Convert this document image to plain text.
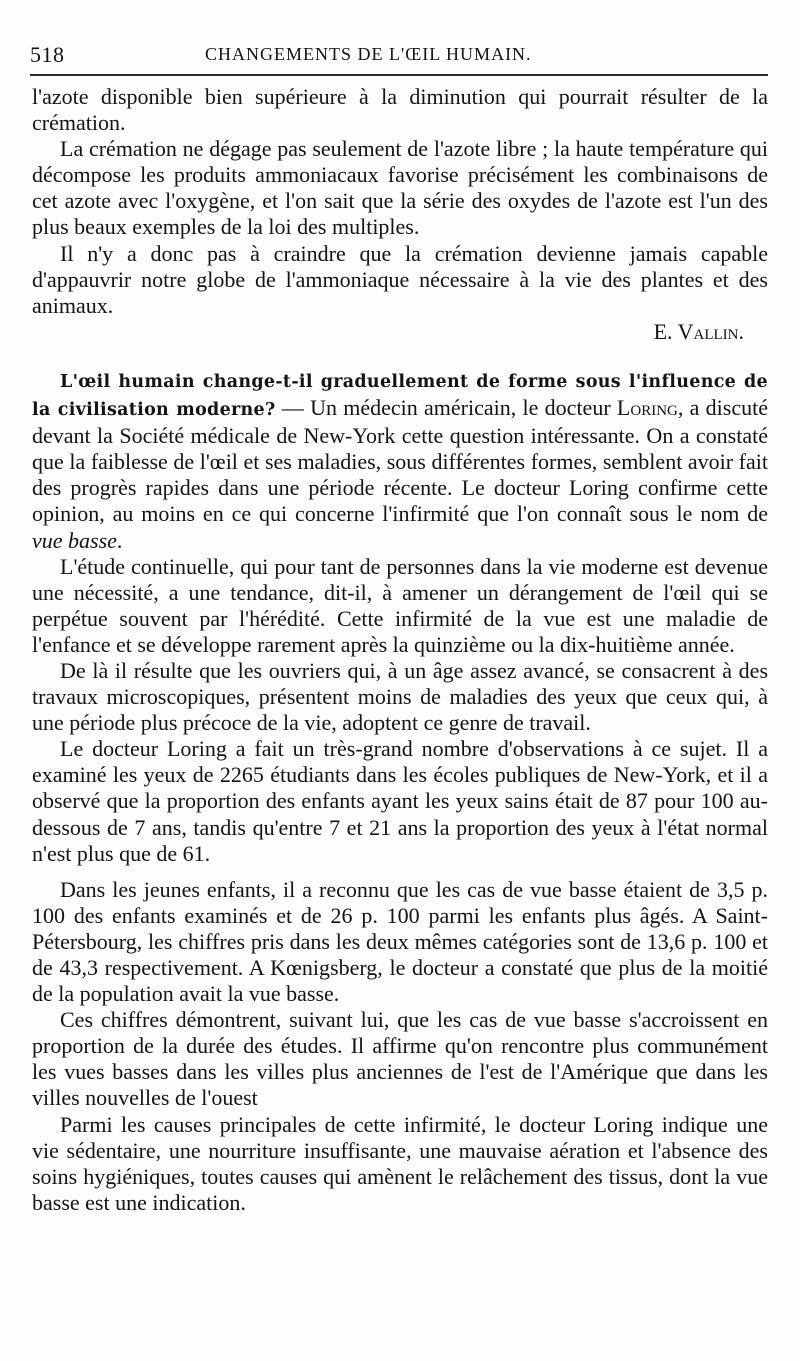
518	CHANGEMENTS DE L'ŒIL HUMAIN.

l'azote disponible bien supérieure à la diminution qui pourrait résulter de la crémation.

La crémation ne dégage pas seulement de l'azote libre ; la haute température qui décompose les produits ammoniacaux favorise précisément les combinaisons de cet azote avec l'oxygène, et l'on sait que la série des oxydes de l'azote est l'un des plus beaux exemples de la loi des multiples.

Il n'y a donc pas à craindre que la crémation devienne jamais capable d'appauvrir notre globe de l'ammoniaque nécessaire à la vie des plantes et des animaux.

E. Vallin.

L'œil humain change-t-il graduellement de forme sous l'influence de la civilisation moderne? — Un médecin américain, le docteur Loring, a discuté devant la Société médicale de New-York cette question intéressante. On a constaté que la faiblesse de l'œil et ses maladies, sous différentes formes, semblent avoir fait des progrès rapides dans une période récente. Le docteur Loring confirme cette opinion, au moins en ce qui concerne l'infirmité que l'on connaît sous le nom de vue basse.

L'étude continuelle, qui pour tant de personnes dans la vie moderne est devenue une nécessité, a une tendance, dit-il, à amener un dérangement de l'œil qui se perpétue souvent par l'hérédité. Cette infirmité de la vue est une maladie de l'enfance et se développe rarement après la quinzième ou la dix-huitième année.

De là il résulte que les ouvriers qui, à un âge assez avancé, se consacrent à des travaux microscopiques, présentent moins de maladies des yeux que ceux qui, à une période plus précoce de la vie, adoptent ce genre de travail.

Le docteur Loring a fait un très-grand nombre d'observations à ce sujet. Il a examiné les yeux de 2265 étudiants dans les écoles publiques de New-York, et il a observé que la proportion des enfants ayant les yeux sains était de 87 pour 100 au-dessous de 7 ans, tandis qu'entre 7 et 21 ans la proportion des yeux à l'état normal n'est plus que de 61.

Dans les jeunes enfants, il a reconnu que les cas de vue basse étaient de 3,5 p. 100 des enfants examinés et de 26 p. 100 parmi les enfants plus âgés. A Saint-Pétersbourg, les chiffres pris dans les deux mêmes catégories sont de 13,6 p. 100 et de 43,3 respectivement. A Kœnigsberg, le docteur a constaté que plus de la moitié de la population avait la vue basse.

Ces chiffres démontrent, suivant lui, que les cas de vue basse s'accroissent en proportion de la durée des études. Il affirme qu'on rencontre plus communément les vues basses dans les villes plus anciennes de l'est de l'Amérique que dans les villes nouvelles de l'ouest

Parmi les causes principales de cette infirmité, le docteur Loring indique une vie sédentaire, une nourriture insuffisante, une mauvaise aération et l'absence des soins hygiéniques, toutes causes qui amènent le relâchement des tissus, dont la vue basse est une indication.
